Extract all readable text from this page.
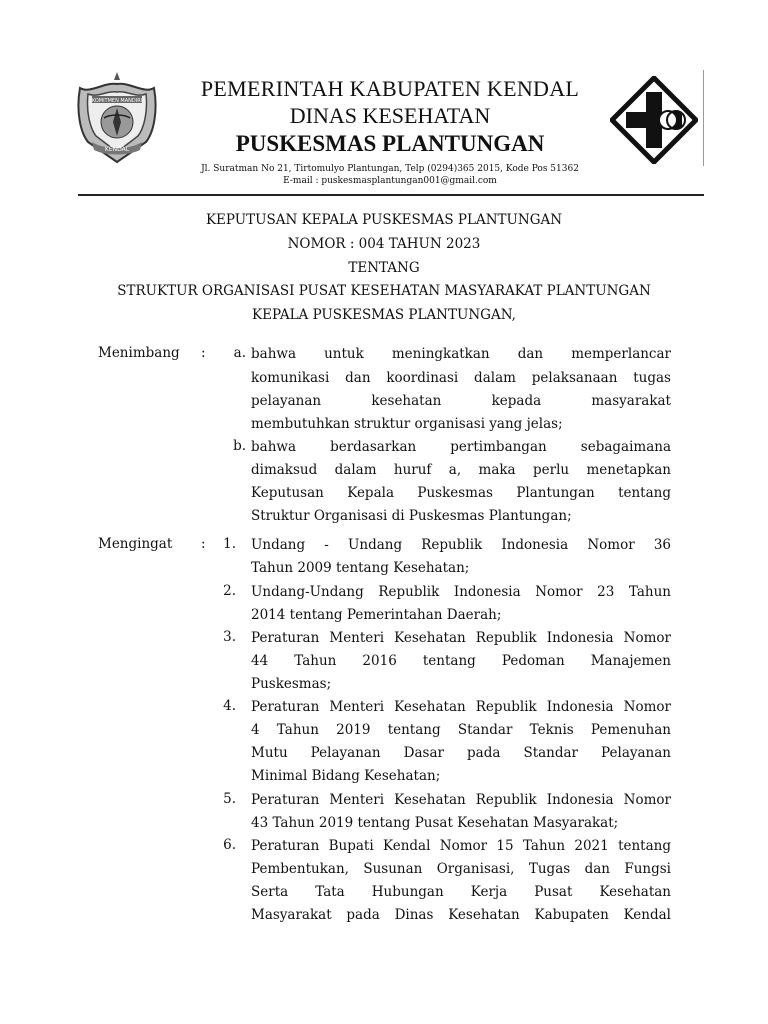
KOMITMEN MANDIRI
KENDAL
PEMERINTAH KABUPATEN KENDAL
DINAS KESEHATAN
PUSKESMAS PLANTUNGAN
Jl. Suratman No 21, Tirtomulyo Plantungan, Telp (0294)365 2015, Kode Pos 51362
E-mail : puskesmasplantungan001@gmail.com
KEPUTUSAN KEPALA PUSKESMAS PLANTUNGAN
NOMOR : 004 TAHUN 2023
TENTANG
STRUKTUR ORGANISASI PUSAT KESEHATAN MASYARAKAT PLANTUNGAN
KEPALA PUSKESMAS PLANTUNGAN,
Menimbang :	a. bahwa untuk meningkatkan dan memperlancar
komunikasi dan koordinasi dalam pelaksanaan tugas
pelayanan kesehatan kepada masyarakat
membutuhkan struktur organisasi yang jelas;
b. bahwa berdasarkan pertimbangan sebagaimana
dimaksud dalam huruf a, maka perlu menetapkan
Keputusan Kepala Puskesmas Plantungan tentang
Struktur Organisasi di Puskesmas Plantungan;
Mengingat :	1. Undang - Undang Republik Indonesia Nomor 36
Tahun 2009 tentang Kesehatan;
2. Undang-Undang Republik Indonesia Nomor 23 Tahun
2014 tentang Pemerintahan Daerah;
3. Peraturan Menteri Kesehatan Republik Indonesia Nomor
44 Tahun 2016 tentang Pedoman Manajemen
Puskesmas;
4. Peraturan Menteri Kesehatan Republik Indonesia Nomor
4 Tahun 2019 tentang Standar Teknis Pemenuhan
Mutu Pelayanan Dasar pada Standar Pelayanan
Minimal Bidang Kesehatan;
5. Peraturan Menteri Kesehatan Republik Indonesia Nomor
43 Tahun 2019 tentang Pusat Kesehatan Masyarakat;
6. Peraturan Bupati Kendal Nomor 15 Tahun 2021 tentang
Pembentukan, Susunan Organisasi, Tugas dan Fungsi
Serta Tata Hubungan Kerja Pusat Kesehatan
Masyarakat pada Dinas Kesehatan Kabupaten Kendal
